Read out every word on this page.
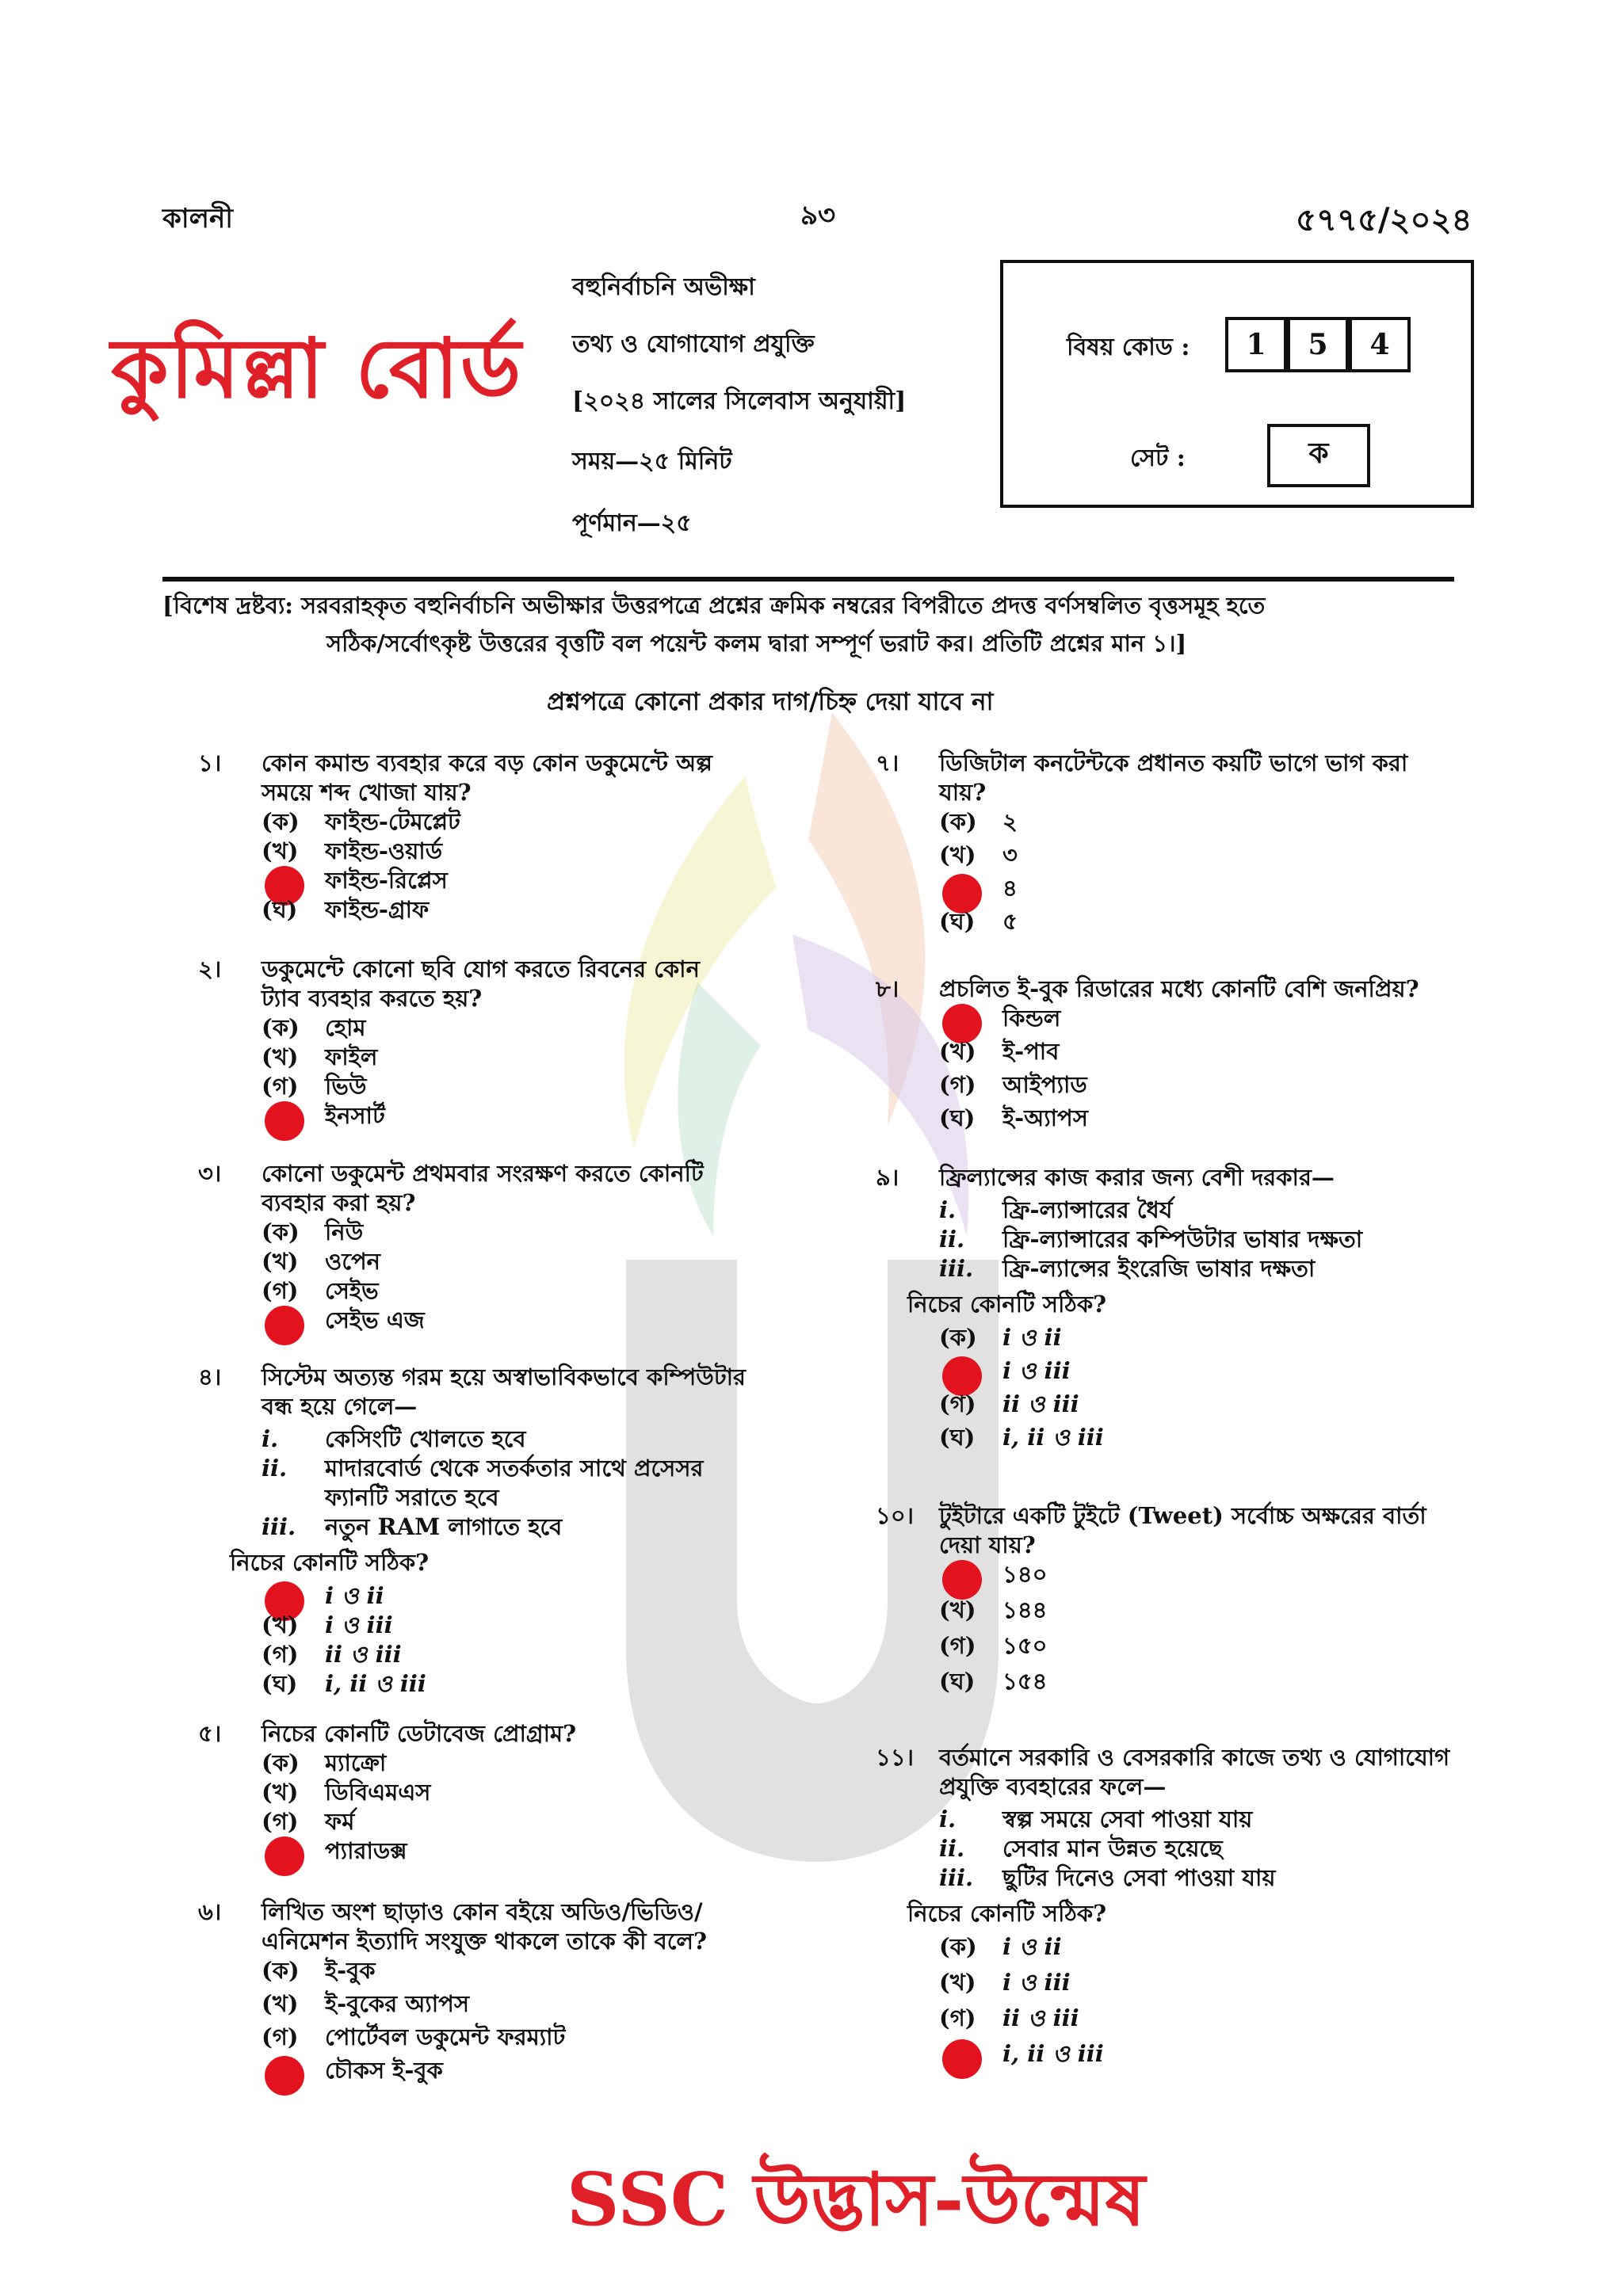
কালনী	৯৩	৫৭৭৫/২০২৪
কুমিল্লা বোর্ড
বহুনির্বাচনি অভীক্ষা
তথ্য ও যোগাযোগ প্রযুক্তি
[২০২৪ সালের সিলেবাস অনুযায়ী]
সময়—২৫ মিনিট
পূর্ণমান—২৫
বিষয় কোড :	1	5	4
সেট :	ক
[বিশেষ দ্রষ্টব্য: সরবরাহকৃত বহুনির্বাচনি অভীক্ষার উত্তরপত্রে প্রশ্নের ক্রমিক নম্বরের বিপরীতে প্রদত্ত বর্ণসম্বলিত বৃত্তসমূহ হতে
সঠিক/সর্বোৎকৃষ্ট উত্তরের বৃত্তটি বল পয়েন্ট কলম দ্বারা সম্পূর্ণ ভরাট কর। প্রতিটি প্রশ্নের মান ১।]
প্রশ্নপত্রে কোনো প্রকার দাগ/চিহ্ন দেয়া যাবে না
১। কোন কমান্ড ব্যবহার করে বড় কোন ডকুমেন্টে অল্প
সময়ে শব্দ খোজা যায়?
(ক) ফাইন্ড-টেমপ্লেট
(খ) ফাইন্ড-ওয়ার্ড
ফাইন্ড-রিপ্লেস
(ঘ) ফাইন্ড-গ্রাফ
২। ডকুমেন্টে কোনো ছবি যোগ করতে রিবনের কোন
ট্যাব ব্যবহার করতে হয়?
(ক) হোম
(খ) ফাইল
(গ) ভিউ
ইনসার্ট
৩। কোনো ডকুমেন্ট প্রথমবার সংরক্ষণ করতে কোনটি
ব্যবহার করা হয়?
(ক) নিউ
(খ) ওপেন
(গ) সেইভ
সেইভ এজ
৪। সিস্টেম অত্যন্ত গরম হয়ে অস্বাভাবিকভাবে কম্পিউটার
বন্ধ হয়ে গেলে—
i. কেসিংটি খোলতে হবে
ii. মাদারবোর্ড থেকে সতর্কতার সাথে প্রসেসর
ফ্যানটি সরাতে হবে
iii. নতুন RAM লাগাতে হবে
নিচের কোনটি সঠিক?
i ও ii
(খ) i ও iii
(গ) ii ও iii
(ঘ) i, ii ও iii
৫। নিচের কোনটি ডেটাবেজ প্রোগ্রাম?
(ক) ম্যাক্রো
(খ) ডিবিএমএস
(গ) ফর্ম
প্যারাডক্স
৬। লিখিত অংশ ছাড়াও কোন বইয়ে অডিও/ভিডিও/
এনিমেশন ইত্যাদি সংযুক্ত থাকলে তাকে কী বলে?
(ক) ই-বুক
(খ) ই-বুকের অ্যাপস
(গ) পোর্টেবল ডকুমেন্ট ফরম্যাট
চৌকস ই-বুক
৭। ডিজিটাল কনটেন্টকে প্রধানত কয়টি ভাগে ভাগ করা
যায়?
(ক) ২
(খ) ৩
৪
(ঘ) ৫
৮। প্রচলিত ই-বুক রিডারের মধ্যে কোনটি বেশি জনপ্রিয়?
কিন্ডল
(খ) ই-পাব
(গ) আইপ্যাড
(ঘ) ই-অ্যাপস
৯। ফ্রিল্যান্সের কাজ করার জন্য বেশী দরকার—
i. ফ্রি-ল্যান্সারের ধৈর্য
ii. ফ্রি-ল্যান্সারের কম্পিউটার ভাষার দক্ষতা
iii. ফ্রি-ল্যান্সের ইংরেজি ভাষার দক্ষতা
নিচের কোনটি সঠিক?
(ক) i ও ii
i ও iii
(গ) ii ও iii
(ঘ) i, ii ও iii
১০। টুইটারে একটি টুইটে (Tweet) সর্বোচ্চ অক্ষরের বার্তা
দেয়া যায়?
১৪০
(খ) ১৪৪
(গ) ১৫০
(ঘ) ১৫৪
১১। বর্তমানে সরকারি ও বেসরকারি কাজে তথ্য ও যোগাযোগ
প্রযুক্তি ব্যবহারের ফলে—
i. স্বল্প সময়ে সেবা পাওয়া যায়
ii. সেবার মান উন্নত হয়েছে
iii. ছুটির দিনেও সেবা পাওয়া যায়
নিচের কোনটি সঠিক?
(ক) i ও ii
(খ) i ও iii
(গ) ii ও iii
i, ii ও iii
SSC উদ্ভাস-উন্মেষ
